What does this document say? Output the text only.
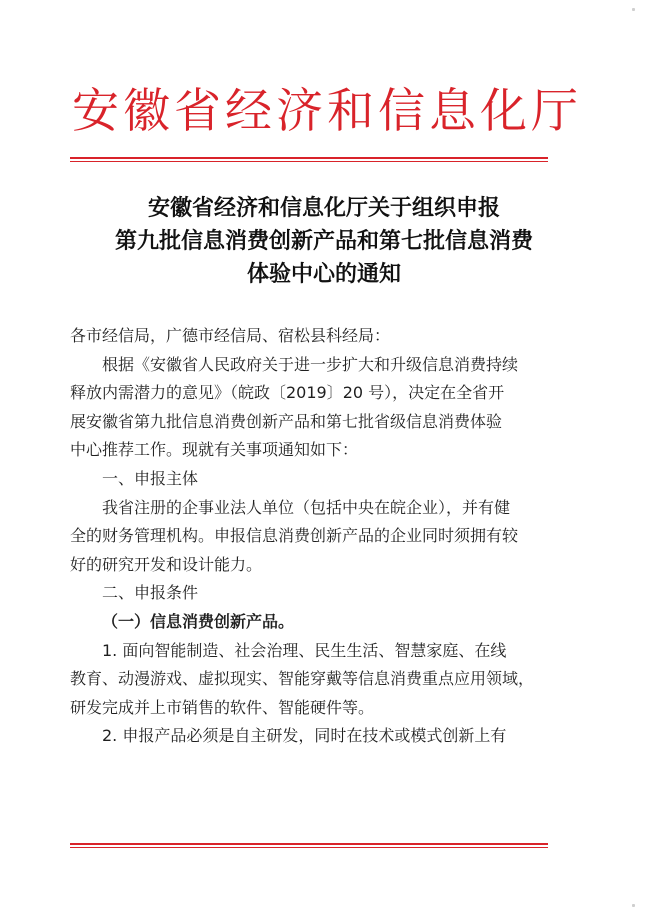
安徽省经济和信息化厅
安徽省经济和信息化厅关于组织申报
第九批信息消费创新产品和第七批信息消费
体验中心的通知
各市经信局，广德市经信局、宿松县科经局：
根据《安徽省人民政府关于进一步扩大和升级信息消费持续
释放内需潜力的意见》（皖政〔2019〕20 号），决定在全省开
展安徽省第九批信息消费创新产品和第七批省级信息消费体验
中心推荐工作。现就有关事项通知如下：
一、申报主体
我省注册的企事业法人单位（包括中央在皖企业），并有健
全的财务管理机构。申报信息消费创新产品的企业同时须拥有较
好的研究开发和设计能力。
二、申报条件
（一）信息消费创新产品。
1. 面向智能制造、社会治理、民生生活、智慧家庭、在线
教育、动漫游戏、虚拟现实、智能穿戴等信息消费重点应用领域，
研发完成并上市销售的软件、智能硬件等。
2. 申报产品必须是自主研发，同时在技术或模式创新上有
